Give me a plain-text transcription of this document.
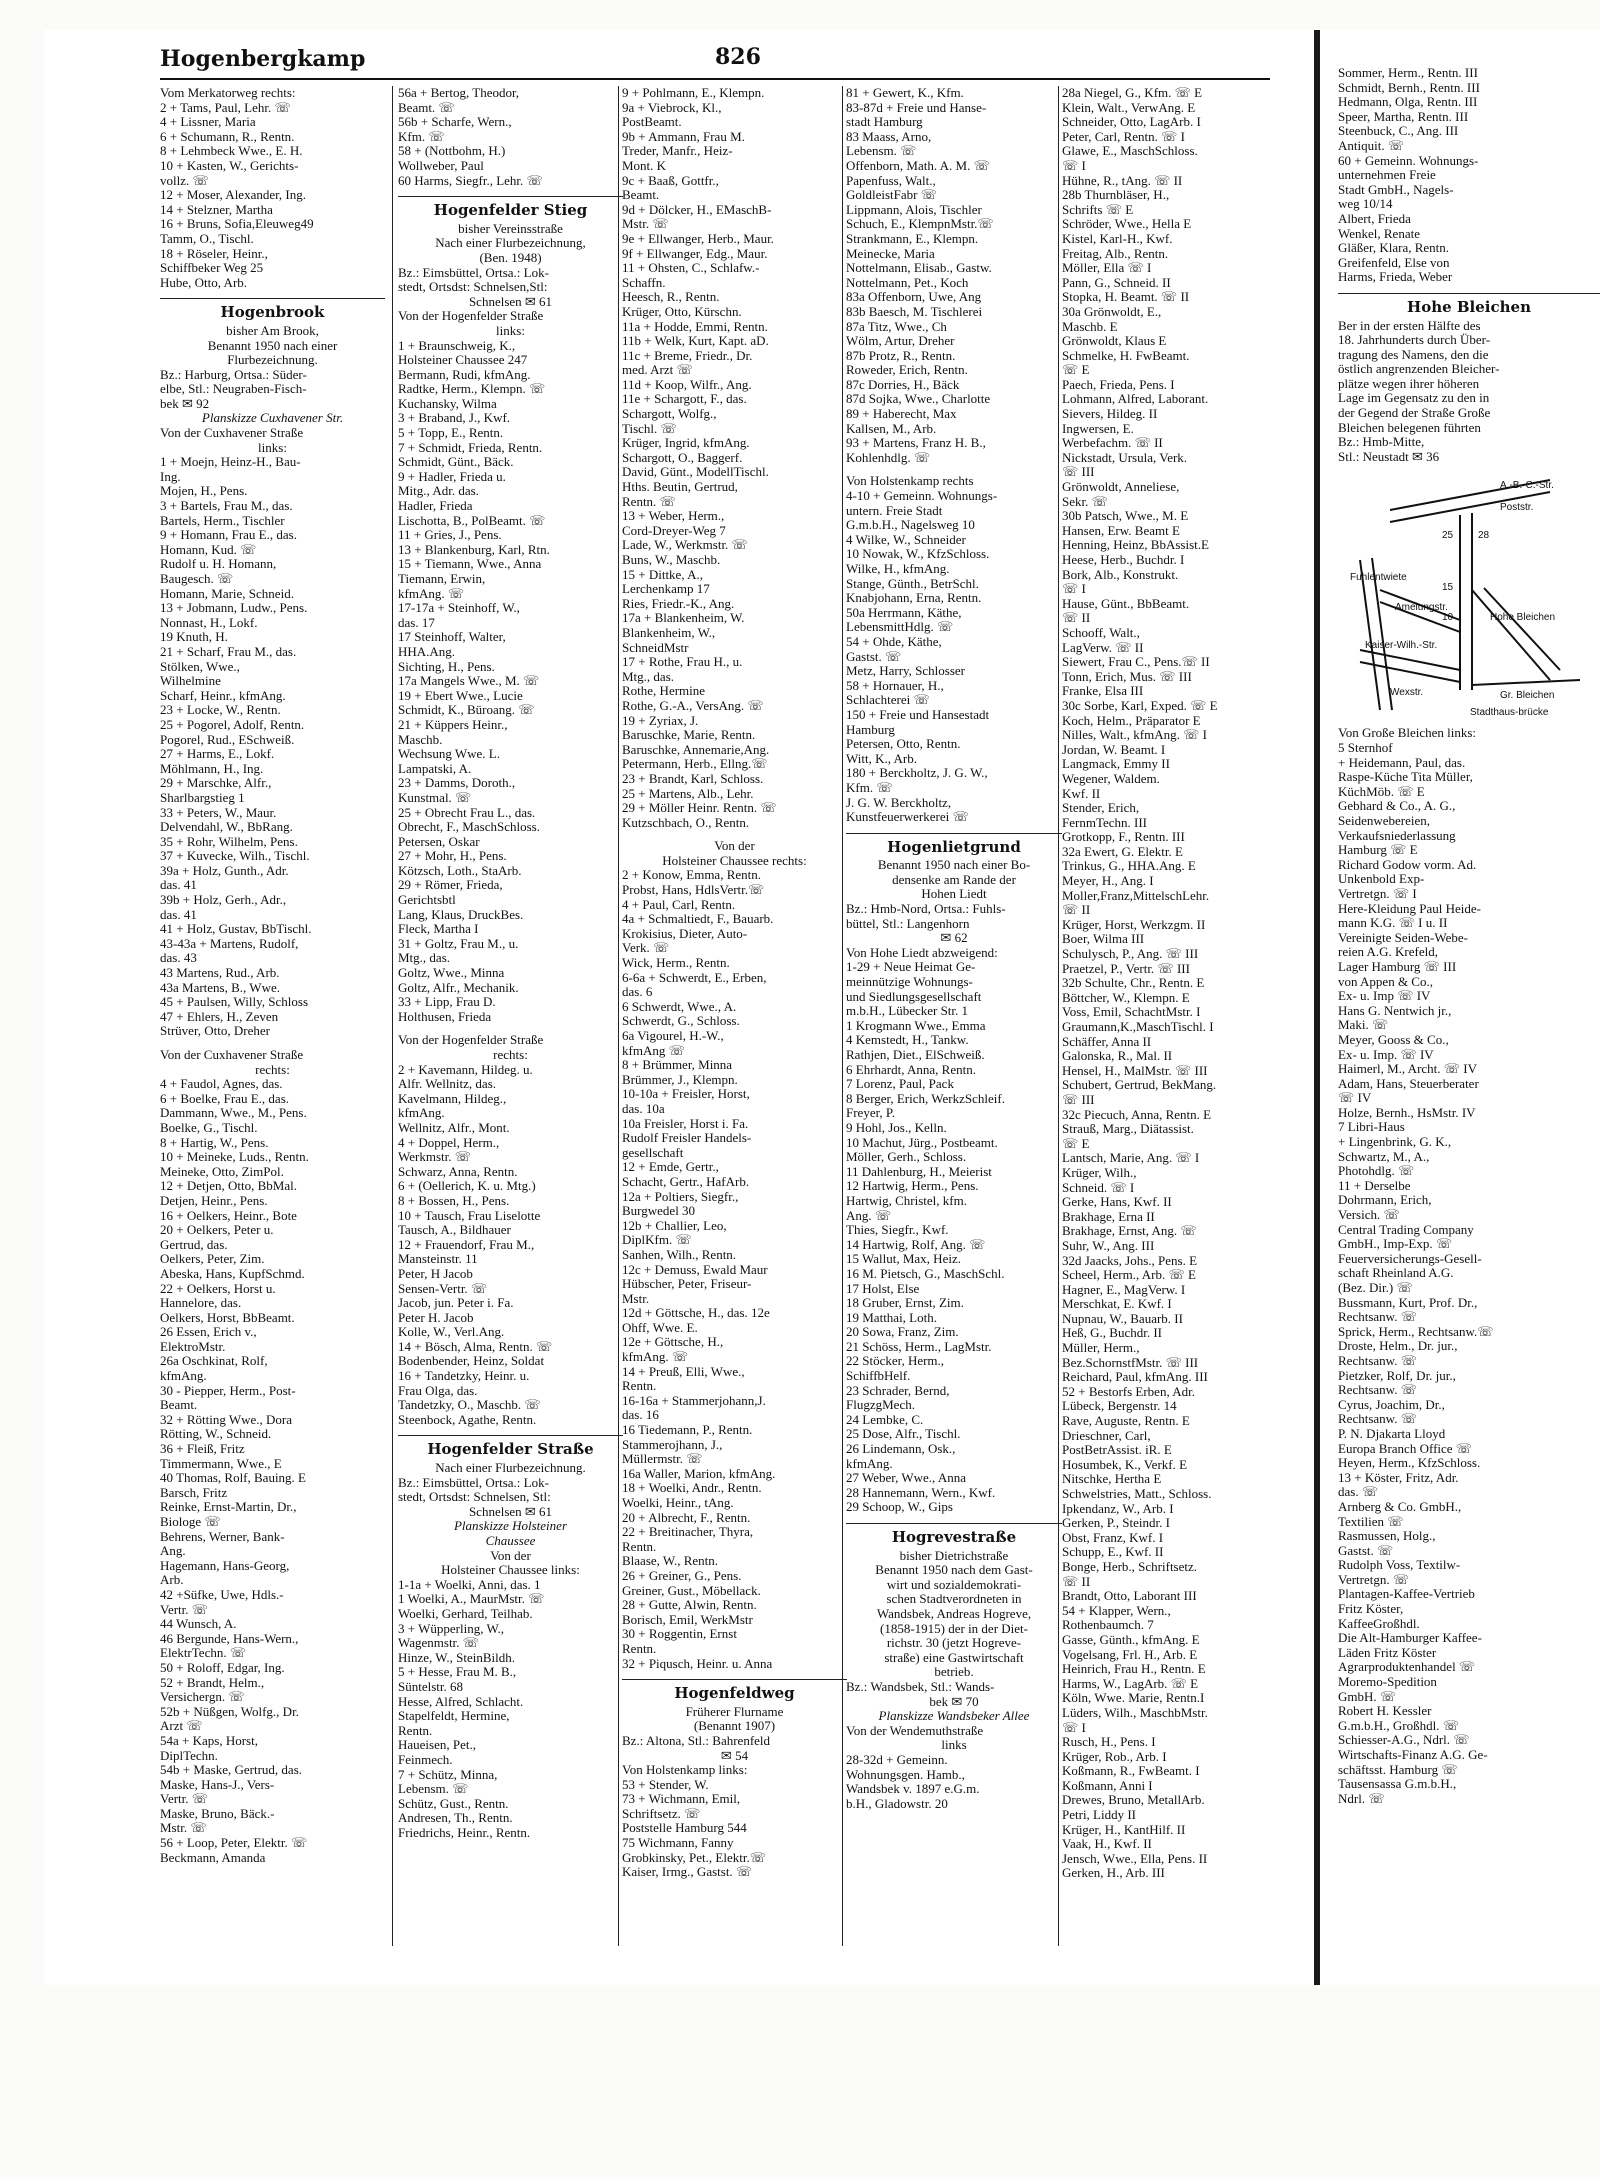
Hogenbergkamp	826
Vom Merkatorweg rechts:
2 + Tams, Paul, Lehr. ☏
4 + Lissner, Maria
6 + Schumann, R., Rentn.
8 + Lehmbeck Wwe., E. H.
10 + Kasten, W., Gerichts-
vollz. ☏
12 + Moser, Alexander, Ing.
14 + Stelzner, Martha
16 + Bruns, Sofia,Eleuweg49
Tamm, O., Tischl.
18 + Röseler, Heinr.,
Schiffbeker Weg 25
Hube, Otto, Arb.
Hogenbrook
bisher Am Brook,
Benannt 1950 nach einer
Flurbezeichnung.
Bz.: Harburg, Ortsa.: Süder-
elbe, Stl.: Neugraben-Fisch-
bek ✉ 92
Planskizze Cuxhavener Str.
Von der Cuxhavener Straße
links:
1 + Moejn, Heinz-H., Bau-
Ing.
Mojen, H., Pens.
3 + Bartels, Frau M., das.
Bartels, Herm., Tischler
9 + Homann, Frau E., das.
Homann, Kud. ☏
Rudolf u. H. Homann,
Baugesch. ☏
Homann, Marie, Schneid.
13 + Jobmann, Ludw., Pens.
Nonnast, H., Lokf.
19 Knuth, H.
21 + Scharf, Frau M., das.
Stölken, Wwe.,
Wilhelmine
Scharf, Heinr., kfmAng.
23 + Locke, W., Rentn.
25 + Pogorel, Adolf, Rentn.
Pogorel, Rud., ESchweiß.
27 + Harms, E., Lokf.
Möhlmann, H., Ing.
29 + Marschke, Alfr.,
Sharlbargstieg 1
33 + Peters, W., Maur.
Delvendahl, W., BbRang.
35 + Rohr, Wilhelm, Pens.
37 + Kuvecke, Wilh., Tischl.
39a + Holz, Gunth., Adr.
das. 41
39b + Holz, Gerh., Adr.,
das. 41
41 + Holz, Gustav, BbTischl.
43-43a + Martens, Rudolf,
das. 43
43 Martens, Rud., Arb.
43a Martens, B., Wwe.
45 + Paulsen, Willy, Schloss
47 + Ehlers, H., Zeven
Strüver, Otto, Dreher
Von der Cuxhavener Straße
rechts:
4 + Faudol, Agnes, das.
6 + Boelke, Frau E., das.
Dammann, Wwe., M., Pens.
Boelke, G., Tischl.
8 + Hartig, W., Pens.
10 + Meineke, Luds., Rentn.
Meineke, Otto, ZimPol.
12 + Detjen, Otto, BbMal.
Detjen, Heinr., Pens.
16 + Oelkers, Heinr., Bote
20 + Oelkers, Peter u.
Gertrud, das.
Oelkers, Peter, Zim.
Abeska, Hans, KupfSchmd.
22 + Oelkers, Horst u.
Hannelore, das.
Oelkers, Horst, BbBeamt.
26 Essen, Erich v.,
ElektroMstr.
26a Oschkinat, Rolf,
kfmAng.
30 - Piepper, Herm., Post-
Beamt.
32 + Rötting Wwe., Dora
Rötting, W., Schneid.
36 + Fleiß, Fritz
Timmermann, Wwe., E
40 Thomas, Rolf, Bauing. E
Barsch, Fritz
Reinke, Ernst-Martin, Dr.,
Biologe ☏
Behrens, Werner, Bank-
Ang.
Hagemann, Hans-Georg,
Arb.
42 +Süfke, Uwe, Hdls.-
Vertr. ☏
44 Wunsch, A.
46 Bergunde, Hans-Wern.,
ElektrTechn. ☏
50 + Roloff, Edgar, Ing.
52 + Brandt, Helm.,
Versichergn. ☏
52b + Nüßgen, Wolfg., Dr.
Arzt ☏
54a + Kaps, Horst,
DiplTechn.
54b + Maske, Gertrud, das.
Maske, Hans-J., Vers-
Vertr. ☏
Maske, Bruno, Bäck.-
Mstr. ☏
56 + Loop, Peter, Elektr. ☏
Beckmann, Amanda
56a + Bertog, Theodor,
Beamt. ☏
56b + Scharfe, Wern.,
Kfm. ☏
58 + (Nottbohm, H.)
Wollweber, Paul
60 Harms, Siegfr., Lehr. ☏
Hogenfelder Stieg
bisher Vereinsstraße
Nach einer Flurbezeichnung,
(Ben. 1948)
Bz.: Eimsbüttel, Ortsa.: Lok-
stedt, Ortsdst: Schnelsen,Stl:
Schnelsen ✉ 61
Von der Hogenfelder Straße
links:
1 + Braunschweig, K.,
Holsteiner Chaussee 247
Bermann, Rudi, kfmAng.
Radtke, Herm., Klempn. ☏
Kuchansky, Wilma
3 + Braband, J., Kwf.
5 + Topp, E., Rentn.
7 + Schmidt, Frieda, Rentn.
Schmidt, Günt., Bäck.
9 + Hadler, Frieda u.
Mitg., Adr. das.
Hadler, Frieda
Lischotta, B., PolBeamt. ☏
11 + Gries, J., Pens.
13 + Blankenburg, Karl, Rtn.
15 + Tiemann, Wwe., Anna
Tiemann, Erwin,
kfmAng. ☏
17-17a + Steinhoff, W.,
das. 17
17 Steinhoff, Walter,
HHA.Ang.
Sichting, H., Pens.
17a Mangels Wwe., M. ☏
19 + Ebert Wwe., Lucie
Schmidt, K., Büroang. ☏
21 + Küppers Heinr.,
Maschb.
Wechsung Wwe. L.
Lampatski, A.
23 + Damms, Doroth.,
Kunstmal. ☏
25 + Obrecht Frau L., das.
Obrecht, F., MaschSchloss.
Petersen, Oskar
27 + Mohr, H., Pens.
Kötzsch, Loth., StaArb.
29 + Römer, Frieda,
Gerichtsbtl
Lang, Klaus, DruckBes.
Fleck, Martha I
31 + Goltz, Frau M., u.
Mtg., das.
Goltz, Wwe., Minna
Goltz, Alfr., Mechanik.
33 + Lipp, Frau D.
Holthusen, Frieda
Von der Hogenfelder Straße
rechts:
2 + Kavemann, Hildeg. u.
Alfr. Wellnitz, das.
Kavelmann, Hildeg.,
kfmAng.
Wellnitz, Alfr., Mont.
4 + Doppel, Herm.,
Werkmstr. ☏
Schwarz, Anna, Rentn.
6 + (Oellerich, K. u. Mtg.)
8 + Bossen, H., Pens.
10 + Tausch, Frau Liselotte
Tausch, A., Bildhauer
12 + Frauendorf, Frau M.,
Mansteinstr. 11
Peter, H Jacob
Sensen-Vertr. ☏
Jacob, jun. Peter i. Fa.
Peter H. Jacob
Kolle, W., Verl.Ang.
14 + Bösch, Alma, Rentn. ☏
Bodenbender, Heinz, Soldat
16 + Tandetzky, Heinr. u.
Frau Olga, das.
Tandetzky, O., Maschb. ☏
Steenbock, Agathe, Rentn.
Hogenfelder Straße
Nach einer Flurbezeichnung.
Bz.: Eimsbüttel, Ortsa.: Lok-
stedt, Ortsdst: Schnelsen, Stl:
Schnelsen ✉ 61
Planskizze Holsteiner
Chaussee
Von der
Holsteiner Chaussee links:
1-1a + Woelki, Anni, das. 1
1 Woelki, A., MaurMstr. ☏
Woelki, Gerhard, Teilhab.
3 + Wüpperling, W.,
Wagenmstr. ☏
Hinze, W., SteinBildh.
5 + Hesse, Frau M. B.,
Süntelstr. 68
Hesse, Alfred, Schlacht.
Stapelfeldt, Hermine,
Rentn.
Haueisen, Pet.,
Feinmech.
7 + Schütz, Minna,
Lebensm. ☏
Schütz, Gust., Rentn.
Andresen, Th., Rentn.
Friedrichs, Heinr., Rentn.
9 + Pohlmann, E., Klempn.
9a + Viebrock, Kl.,
PostBeamt.
9b + Ammann, Frau M.
Treder, Manfr., Heiz-
Mont. K
9c + Baaß, Gottfr.,
Beamt.
9d + Dölcker, H., EMaschB-
Mstr. ☏
9e + Ellwanger, Herb., Maur.
9f + Ellwanger, Edg., Maur.
11 + Ohsten, C., Schlafw.-
Schaffn.
Heesch, R., Rentn.
Krüger, Otto, Kürschn.
11a + Hodde, Emmi, Rentn.
11b + Welk, Kurt, Kapt. aD.
11c + Breme, Friedr., Dr.
med. Arzt ☏
11d + Koop, Wilfr., Ang.
11e + Schargott, F., das.
Schargott, Wolfg.,
Tischl. ☏
Krüger, Ingrid, kfmAng.
Schargott, O., Baggerf.
David, Günt., ModellTischl.
Hths. Beutin, Gertrud,
Rentn. ☏
13 + Weber, Herm.,
Cord-Dreyer-Weg 7
Lade, W., Werkmstr. ☏
Buns, W., Maschb.
15 + Dittke, A.,
Lerchenkamp 17
Ries, Friedr.-K., Ang.
17a + Blankenheim, W.
Blankenheim, W.,
SchneidMstr
17 + Rothe, Frau H., u.
Mtg., das.
Rothe, Hermine
Rothe, G.-A., VersAng. ☏
19 + Zyriax, J.
Baruschke, Marie, Rentn.
Baruschke, Annemarie,Ang.
Petermann, Herb., Ellng.☏
23 + Brandt, Karl, Schloss.
25 + Martens, Alb., Lehr.
29 + Möller Heinr. Rentn. ☏
Kutzschbach, O., Rentn.
Von der
Holsteiner Chaussee rechts:
2 + Konow, Emma, Rentn.
Probst, Hans, HdlsVertr.☏
4 + Paul, Carl, Rentn.
4a + Schmaltiedt, F., Bauarb.
Krokisius, Dieter, Auto-
Verk. ☏
Wick, Herm., Rentn.
6-6a + Schwerdt, E., Erben,
das. 6
6 Schwerdt, Wwe., A.
Schwerdt, G., Schloss.
6a Vigourel, H.-W.,
kfmAng ☏
8 + Brümmer, Minna
Brümmer, J., Klempn.
10-10a + Freisler, Horst,
das. 10a
10a Freisler, Horst i. Fa.
Rudolf Freisler Handels-
gesellschaft
12 + Emde, Gertr.,
Schacht, Gertr., HafArb.
12a + Poltiers, Siegfr.,
Burgwedel 30
12b + Challier, Leo,
DiplKfm. ☏
Sanhen, Wilh., Rentn.
12c + Demuss, Ewald Maur
Hübscher, Peter, Friseur-
Mstr.
12d + Göttsche, H., das. 12e
Ohff, Wwe. E.
12e + Göttsche, H.,
kfmAng. ☏
14 + Preuß, Elli, Wwe.,
Rentn.
16-16a + Stammerjohann,J.
das. 16
16 Tiedemann, P., Rentn.
Stammerojhann, J.,
Müllermstr. ☏
16a Waller, Marion, kfmAng.
18 + Woelki, Andr., Rentn.
Woelki, Heinr., tAng.
20 + Albrecht, F., Rentn.
22 + Breitinacher, Thyra,
Rentn.
Blaase, W., Rentn.
26 + Greiner, G., Pens.
Greiner, Gust., Möbellack.
28 + Gutte, Alwin, Rentn.
Borisch, Emil, WerkMstr
30 + Roggentin, Ernst
Rentn.
32 + Piqusch, Heinr. u. Anna
Hogenfeldweg
Früherer Flurname
(Benannt 1907)
Bz.: Altona, Stl.: Bahrenfeld
✉ 54
Von Holstenkamp links:
53 + Stender, W.
73 + Wichmann, Emil,
Schriftsetz. ☏
Poststelle Hamburg 544
75 Wichmann, Fanny
Grobkinsky, Pet., Elektr.☏
Kaiser, Irmg., Gastst. ☏
81 + Gewert, K., Kfm.
83-87d + Freie und Hanse-
stadt Hamburg
83 Maass, Arno,
Lebensm. ☏
Offenborn, Math. A. M. ☏
Papenfuss, Walt.,
GoldleistFabr ☏
Lippmann, Alois, Tischler
Schuch, E., KlempnMstr.☏
Strankmann, E., Klempn.
Meinecke, Maria
Nottelmann, Elisab., Gastw.
Nottelmann, Pet., Koch
83a Offenborn, Uwe, Ang
83b Baesch, M. Tischlerei
87a Titz, Wwe., Ch
Wölm, Artur, Dreher
87b Protz, R., Rentn.
Roweder, Erich, Rentn.
87c Dorries, H., Bäck
87d Sojka, Wwe., Charlotte
89 + Haberecht, Max
Kallsen, M., Arb.
93 + Martens, Franz H. B.,
Kohlenhdlg. ☏
Von Holstenkamp rechts
4-10 + Gemeinn. Wohnungs-
untern. Freie Stadt
G.m.b.H., Nagelsweg 10
4 Wilke, W., Schneider
10 Nowak, W., KfzSchloss.
Wilke, H., kfmAng.
Stange, Günth., BetrSchl.
Knabjohann, Erna, Rentn.
50a Herrmann, Käthe,
LebensmittHdlg. ☏
54 + Ohde, Käthe,
Gastst. ☏
Metz, Harry, Schlosser
58 + Hornauer, H.,
Schlachterei ☏
150 + Freie und Hansestadt
Hamburg
Petersen, Otto, Rentn.
Witt, K., Arb.
180 + Berckholtz, J. G. W.,
Kfm. ☏
J. G. W. Berckholtz,
Kunstfeuerwerkerei ☏
Hogenlietgrund
Benannt 1950 nach einer Bo-
densenke am Rande der
Hohen Liedt
Bz.: Hmb-Nord, Ortsa.: Fuhls-
büttel, Stl.: Langenhorn
✉ 62
Von Hohe Liedt abzweigend:
1-29 + Neue Heimat Ge-
meinnützige Wohnungs-
und Siedlungsgesellschaft
m.b.H., Lübecker Str. 1
1 Krogmann Wwe., Emma
4 Kemstedt, H., Tankw.
Rathjen, Diet., ElSchweiß.
6 Ehrhardt, Anna, Rentn.
7 Lorenz, Paul, Pack
8 Berger, Erich, WerkzSchleif.
Freyer, P.
9 Hohl, Jos., Kelln.
10 Machut, Jürg., Postbeamt.
Möller, Gerh., Schloss.
11 Dahlenburg, H., Meierist
12 Hartwig, Herm., Pens.
Hartwig, Christel, kfm.
Ang. ☏
Thies, Siegfr., Kwf.
14 Hartwig, Rolf, Ang. ☏
15 Wallut, Max, Heiz.
16 M. Pietsch, G., MaschSchl.
17 Holst, Else
18 Gruber, Ernst, Zim.
19 Matthai, Loth.
20 Sowa, Franz, Zim.
21 Schöss, Herm., LagMstr.
22 Stöcker, Herm.,
SchiffbHelf.
23 Schrader, Bernd,
FlugzgMech.
24 Lembke, C.
25 Dose, Alfr., Tischl.
26 Lindemann, Osk.,
kfmAng.
27 Weber, Wwe., Anna
28 Hannemann, Wern., Kwf.
29 Schoop, W., Gips
Hogrevestraße
bisher Dietrichstraße
Benannt 1950 nach dem Gast-
wirt und sozialdemokrati-
schen Stadtverordneten in
Wandsbek, Andreas Hogreve,
(1858-1915) der in der Diet-
richstr. 30 (jetzt Hogreve-
straße) eine Gastwirtschaft
betrieb.
Bz.: Wandsbek, Stl.: Wands-
bek ✉ 70
Planskizze Wandsbeker Allee
Von der Wendemuthstraße
links
28-32d + Gemeinn.
Wohnungsgen. Hamb.,
Wandsbek v. 1897 e.G.m.
b.H., Gladowstr. 20
28a Niegel, G., Kfm. ☏ E
Klein, Walt., VerwAng. E
Schneider, Otto, LagArb. I
Peter, Carl, Rentn. ☏ I
Glawe, E., MaschSchloss.
☏ I
Hühne, R., tAng. ☏ II
28b Thurnbläser, H.,
Schrifts ☏ E
Schröder, Wwe., Hella E
Kistel, Karl-H., Kwf.
Freitag, Alb., Rentn.
Möller, Ella ☏ I
Pann, G., Schneid. II
Stopka, H. Beamt. ☏ II
30a Grönwoldt, E.,
Maschb. E
Grönwoldt, Klaus E
Schmelke, H. FwBeamt.
☏ E
Paech, Frieda, Pens. I
Lohmann, Alfred, Laborant.
Sievers, Hildeg. II
Ingwersen, E.
Werbefachm. ☏ II
Nickstadt, Ursula, Verk.
☏ III
Grönwoldt, Anneliese,
Sekr. ☏
30b Patsch, Wwe., M. E
Hansen, Erw. Beamt E
Henning, Heinz, BbAssist.E
Heese, Herb., Buchdr. I
Bork, Alb., Konstrukt.
☏ I
Hause, Günt., BbBeamt.
☏ II
Schooff, Walt.,
LagVerw. ☏ II
Siewert, Frau C., Pens.☏ II
Tonn, Erich, Mus. ☏ III
Franke, Elsa III
30c Sorbe, Karl, Exped. ☏ E
Koch, Helm., Präparator E
Nilles, Walt., kfmAng. ☏ I
Jordan, W. Beamt. I
Langmack, Emmy II
Wegener, Waldem.
Kwf. II
Stender, Erich,
FernmTechn. III
Grotkopp, F., Rentn. III
32a Ewert, G. Elektr. E
Trinkus, G., HHA.Ang. E
Meyer, H., Ang. I
Moller,Franz,MittelschLehr.
☏ II
Krüger, Horst, Werkzgm. II
Boer, Wilma III
Schulysch, P., Ang. ☏ III
Praetzel, P., Vertr. ☏ III
32b Schulte, Chr., Rentn. E
Böttcher, W., Klempn. E
Voss, Emil, SchachtMstr. I
Graumann,K.,MaschTischl. I
Schäffer, Anna II
Galonska, R., Mal. II
Hensel, H., MalMstr. ☏ III
Schubert, Gertrud, BekMang.
☏ III
32c Piecuch, Anna, Rentn. E
Strauß, Marg., Diätassist.
☏ E
Lantsch, Marie, Ang. ☏ I
Krüger, Wilh.,
Schneid. ☏ I
Gerke, Hans, Kwf. II
Brakhage, Erna II
Brakhage, Ernst, Ang. ☏
Suhr, W., Ang. III
32d Jaacks, Johs., Pens. E
Scheel, Herm., Arb. ☏ E
Hagner, E., MagVerw. I
Merschkat, E. Kwf. I
Nupnau, W., Bauarb. II
Heß, G., Buchdr. II
Müller, Herm.,
Bez.SchornstfMstr. ☏ III
Reichard, Paul, kfmAng. III
52 + Bestorfs Erben, Adr.
Lübeck, Bergenstr. 14
Rave, Auguste, Rentn. E
Drieschner, Carl,
PostBetrAssist. iR. E
Hosumbek, K., Verkf. E
Nitschke, Hertha E
Schwelstries, Matt., Schloss.
Ipkendanz, W., Arb. I
Gerken, P., Steindr. I
Obst, Franz, Kwf. I
Schupp, E., Kwf. II
Bonge, Herb., Schriftsetz.
☏ II
Brandt, Otto, Laborant III
54 + Klapper, Wern.,
Rothenbaumch. 7
Gasse, Günth., kfmAng. E
Vogelsang, Frl. H., Arb. E
Heinrich, Frau H., Rentn. E
Harms, W., LagArb. ☏ E
Köln, Wwe. Marie, Rentn.I
Lüders, Wilh., MaschbMstr.
☏ I
Rusch, H., Pens. I
Krüger, Rob., Arb. I
Koßmann, R., FwBeamt. I
Koßmann, Anni I
Drewes, Bruno, MetallArb.
Petri, Liddy II
Krüger, H., KantHilf. II
Vaak, H., Kwf. II
Jensch, Wwe., Ella, Pens. II
Gerken, H., Arb. III
Sommer, Herm., Rentn. III
Schmidt, Bernh., Rentn. III
Hedmann, Olga, Rentn. III
Speer, Martha, Rentn. III
Steenbuck, C., Ang. III
Antiquit. ☏
60 + Gemeinn. Wohnungs-
unternehmen Freie
Stadt GmbH., Nagels-
weg 10/14
Albert, Frieda
Wenkel, Renate
Gläßer, Klara, Rentn.
Greifenfeld, Else von
Harms, Frieda, Weber
Hohe Bleichen
Ber in der ersten Hälfte des
18. Jahrhunderts durch Über-
tragung des Namens, den die
östlich angrenzenden Bleicher-
plätze wegen ihrer höheren
Lage im Gegensatz zu den in
der Gegend der Straße Große
Bleichen belegenen führten
Bz.: Hmb-Mitte,
Stl.: Neustadt ✉ 36
A.-B.-C.-Str.
Poststr.
25 28
15
10
Amelungstr.
Hohe Bleichen
Fuhlentwiete
Kaiser-Wilh.-Str.
Wexstr.	Gr. Bleichen
Stadthaus-brücke
Von Große Bleichen links:
5 Sternhof
+ Heidemann, Paul, das.
Raspe-Küche Tita Müller,
KüchMöb. ☏ E
Gebhard & Co., A. G.,
Seidenwebereien,
Verkaufsniederlassung
Hamburg ☏ E
Richard Godow vorm. Ad.
Unkenbold Exp-
Vertretgn. ☏ I
Here-Kleidung Paul Heide-
mann K.G. ☏ I u. II
Vereinigte Seiden-Webe-
reien A.G. Krefeld,
Lager Hamburg ☏ III
von Appen & Co.,
Ex- u. Imp ☏ IV
Hans G. Nentwich jr.,
Maki. ☏
Meyer, Gooss & Co.,
Ex- u. Imp. ☏ IV
Haimerl, M., Archt. ☏ IV
Adam, Hans, Steuerberater
☏ IV
Holze, Bernh., HsMstr. IV
7 Libri-Haus
+ Lingenbrink, G. K.,
Schwartz, M., A.,
Photohdlg. ☏
11 + Derselbe
Dohrmann, Erich,
Versich. ☏
Central Trading Company
GmbH., Imp-Exp. ☏
Feuerversicherungs-Gesell-
schaft Rheinland A.G.
(Bez. Dir.) ☏
Bussmann, Kurt, Prof. Dr.,
Rechtsanw. ☏
Sprick, Herm., Rechtsanw.☏
Droste, Helm., Dr. jur.,
Rechtsanw. ☏
Pietzker, Rolf, Dr. jur.,
Rechtsanw. ☏
Cyrus, Joachim, Dr.,
Rechtsanw. ☏
P. N. Djakarta Lloyd
Europa Branch Office ☏
Heyen, Herm., KfzSchloss.
13 + Köster, Fritz, Adr.
das. ☏
Arnberg & Co. GmbH.,
Textilien ☏
Rasmussen, Holg.,
Gastst. ☏
Rudolph Voss, Textilw-
Vertretgn. ☏
Plantagen-Kaffee-Vertrieb
Fritz Köster,
KaffeeGroßhdl.
Die Alt-Hamburger Kaffee-
Läden Fritz Köster
Agrarproduktenhandel ☏
Moremo-Spedition
GmbH. ☏
Robert H. Kessler
G.m.b.H., Großhdl. ☏
Schiesser-A.G., Ndrl. ☏
Wirtschafts-Finanz A.G. Ge-
schäftsst. Hamburg ☏
Tausensassa G.m.b.H.,
Ndrl. ☏
